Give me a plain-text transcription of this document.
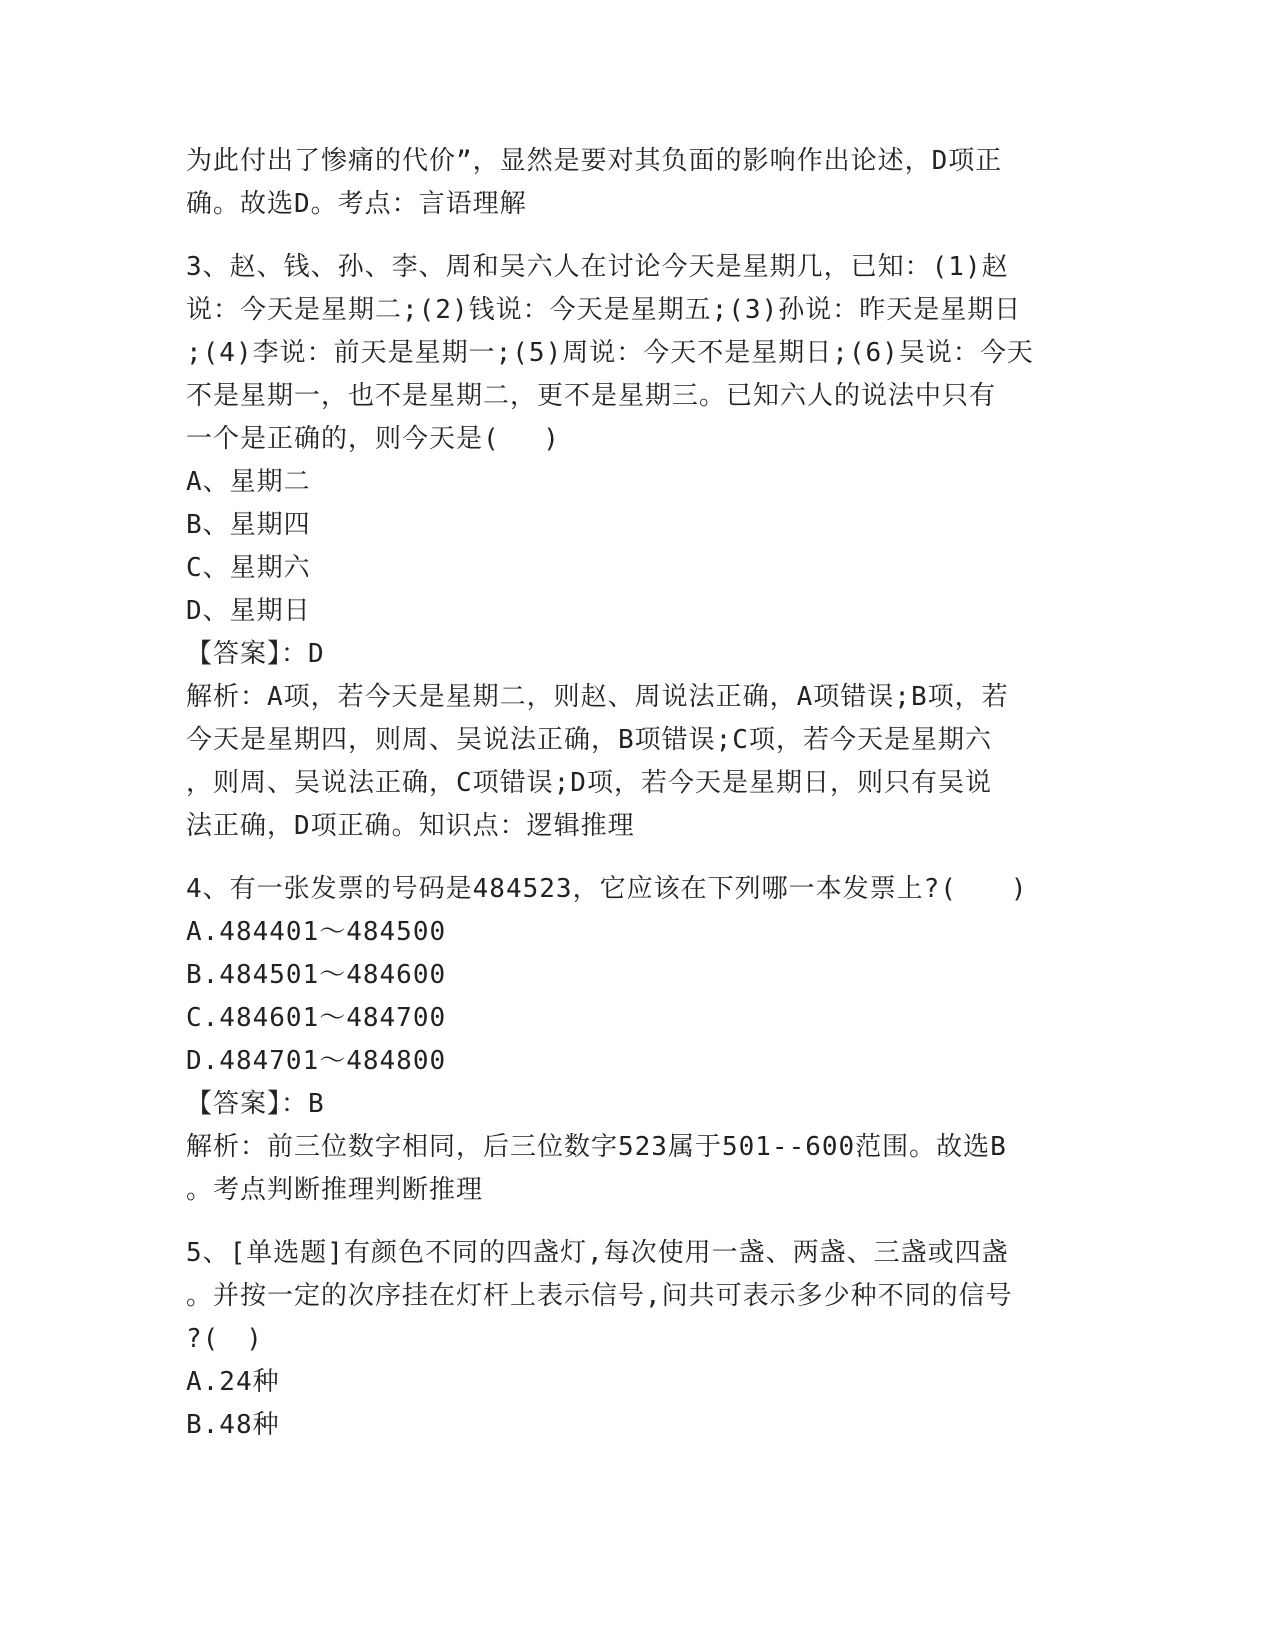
为此付出了惨痛的代价”，显然是要对其负面的影响作出论述，D项正
确。故选D。考点：言语理解
3、赵、钱、孙、李、周和吴六人在讨论今天是星期几，已知：(1)赵
说：今天是星期二;(2)钱说：今天是星期五;(3)孙说：昨天是星期日
;(4)李说：前天是星期一;(5)周说：今天不是星期日;(6)吴说：今天
不是星期一，也不是星期二，更不是星期三。已知六人的说法中只有
一个是正确的，则今天是(　 )
A、星期二
B、星期四
C、星期六
D、星期日
【答案】：D
解析：A项，若今天是星期二，则赵、周说法正确，A项错误;B项，若
今天是星期四，则周、吴说法正确，B项错误;C项，若今天是星期六
，则周、吴说法正确，C项错误;D项，若今天是星期日，则只有吴说
法正确，D项正确。知识点：逻辑推理
4、有一张发票的号码是484523，它应该在下列哪一本发票上?(　　)
A.484401～484500
B.484501～484600
C.484601～484700
D.484701～484800
【答案】：B
解析：前三位数字相同，后三位数字523属于501--600范围。故选B
。考点判断推理判断推理
5、[单选题]有颜色不同的四盏灯,每次使用一盏、两盏、三盏或四盏
。并按一定的次序挂在灯杆上表示信号,问共可表示多少种不同的信号
?(　)
A.24种
B.48种
